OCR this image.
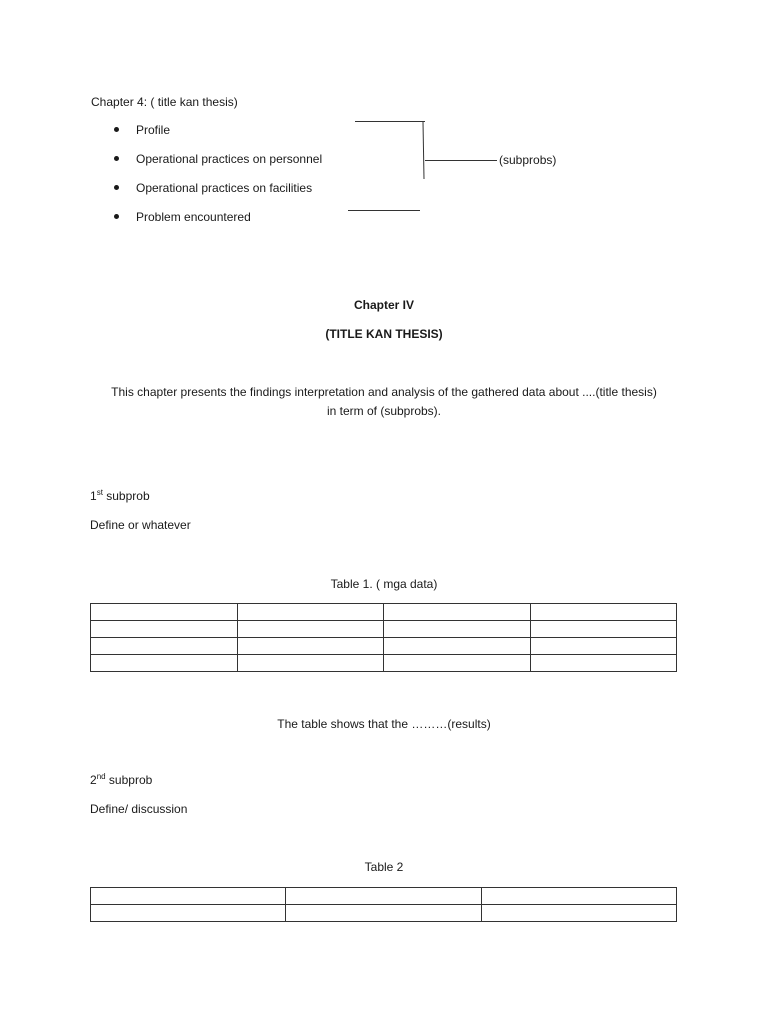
Chapter 4: ( title kan thesis)
Profile
Operational practices on personnel
Operational practices on facilities
Problem encountered
(subprobs)
Chapter IV
(TITLE KAN THESIS)
This chapter presents the findings interpretation and analysis of the gathered data about ....(title thesis)
in term of (subprobs).
1st subprob
Define or whatever
Table 1. ( mga data)

The table shows that the ………(results)
2nd subprob
Define/ discussion
Table 2
